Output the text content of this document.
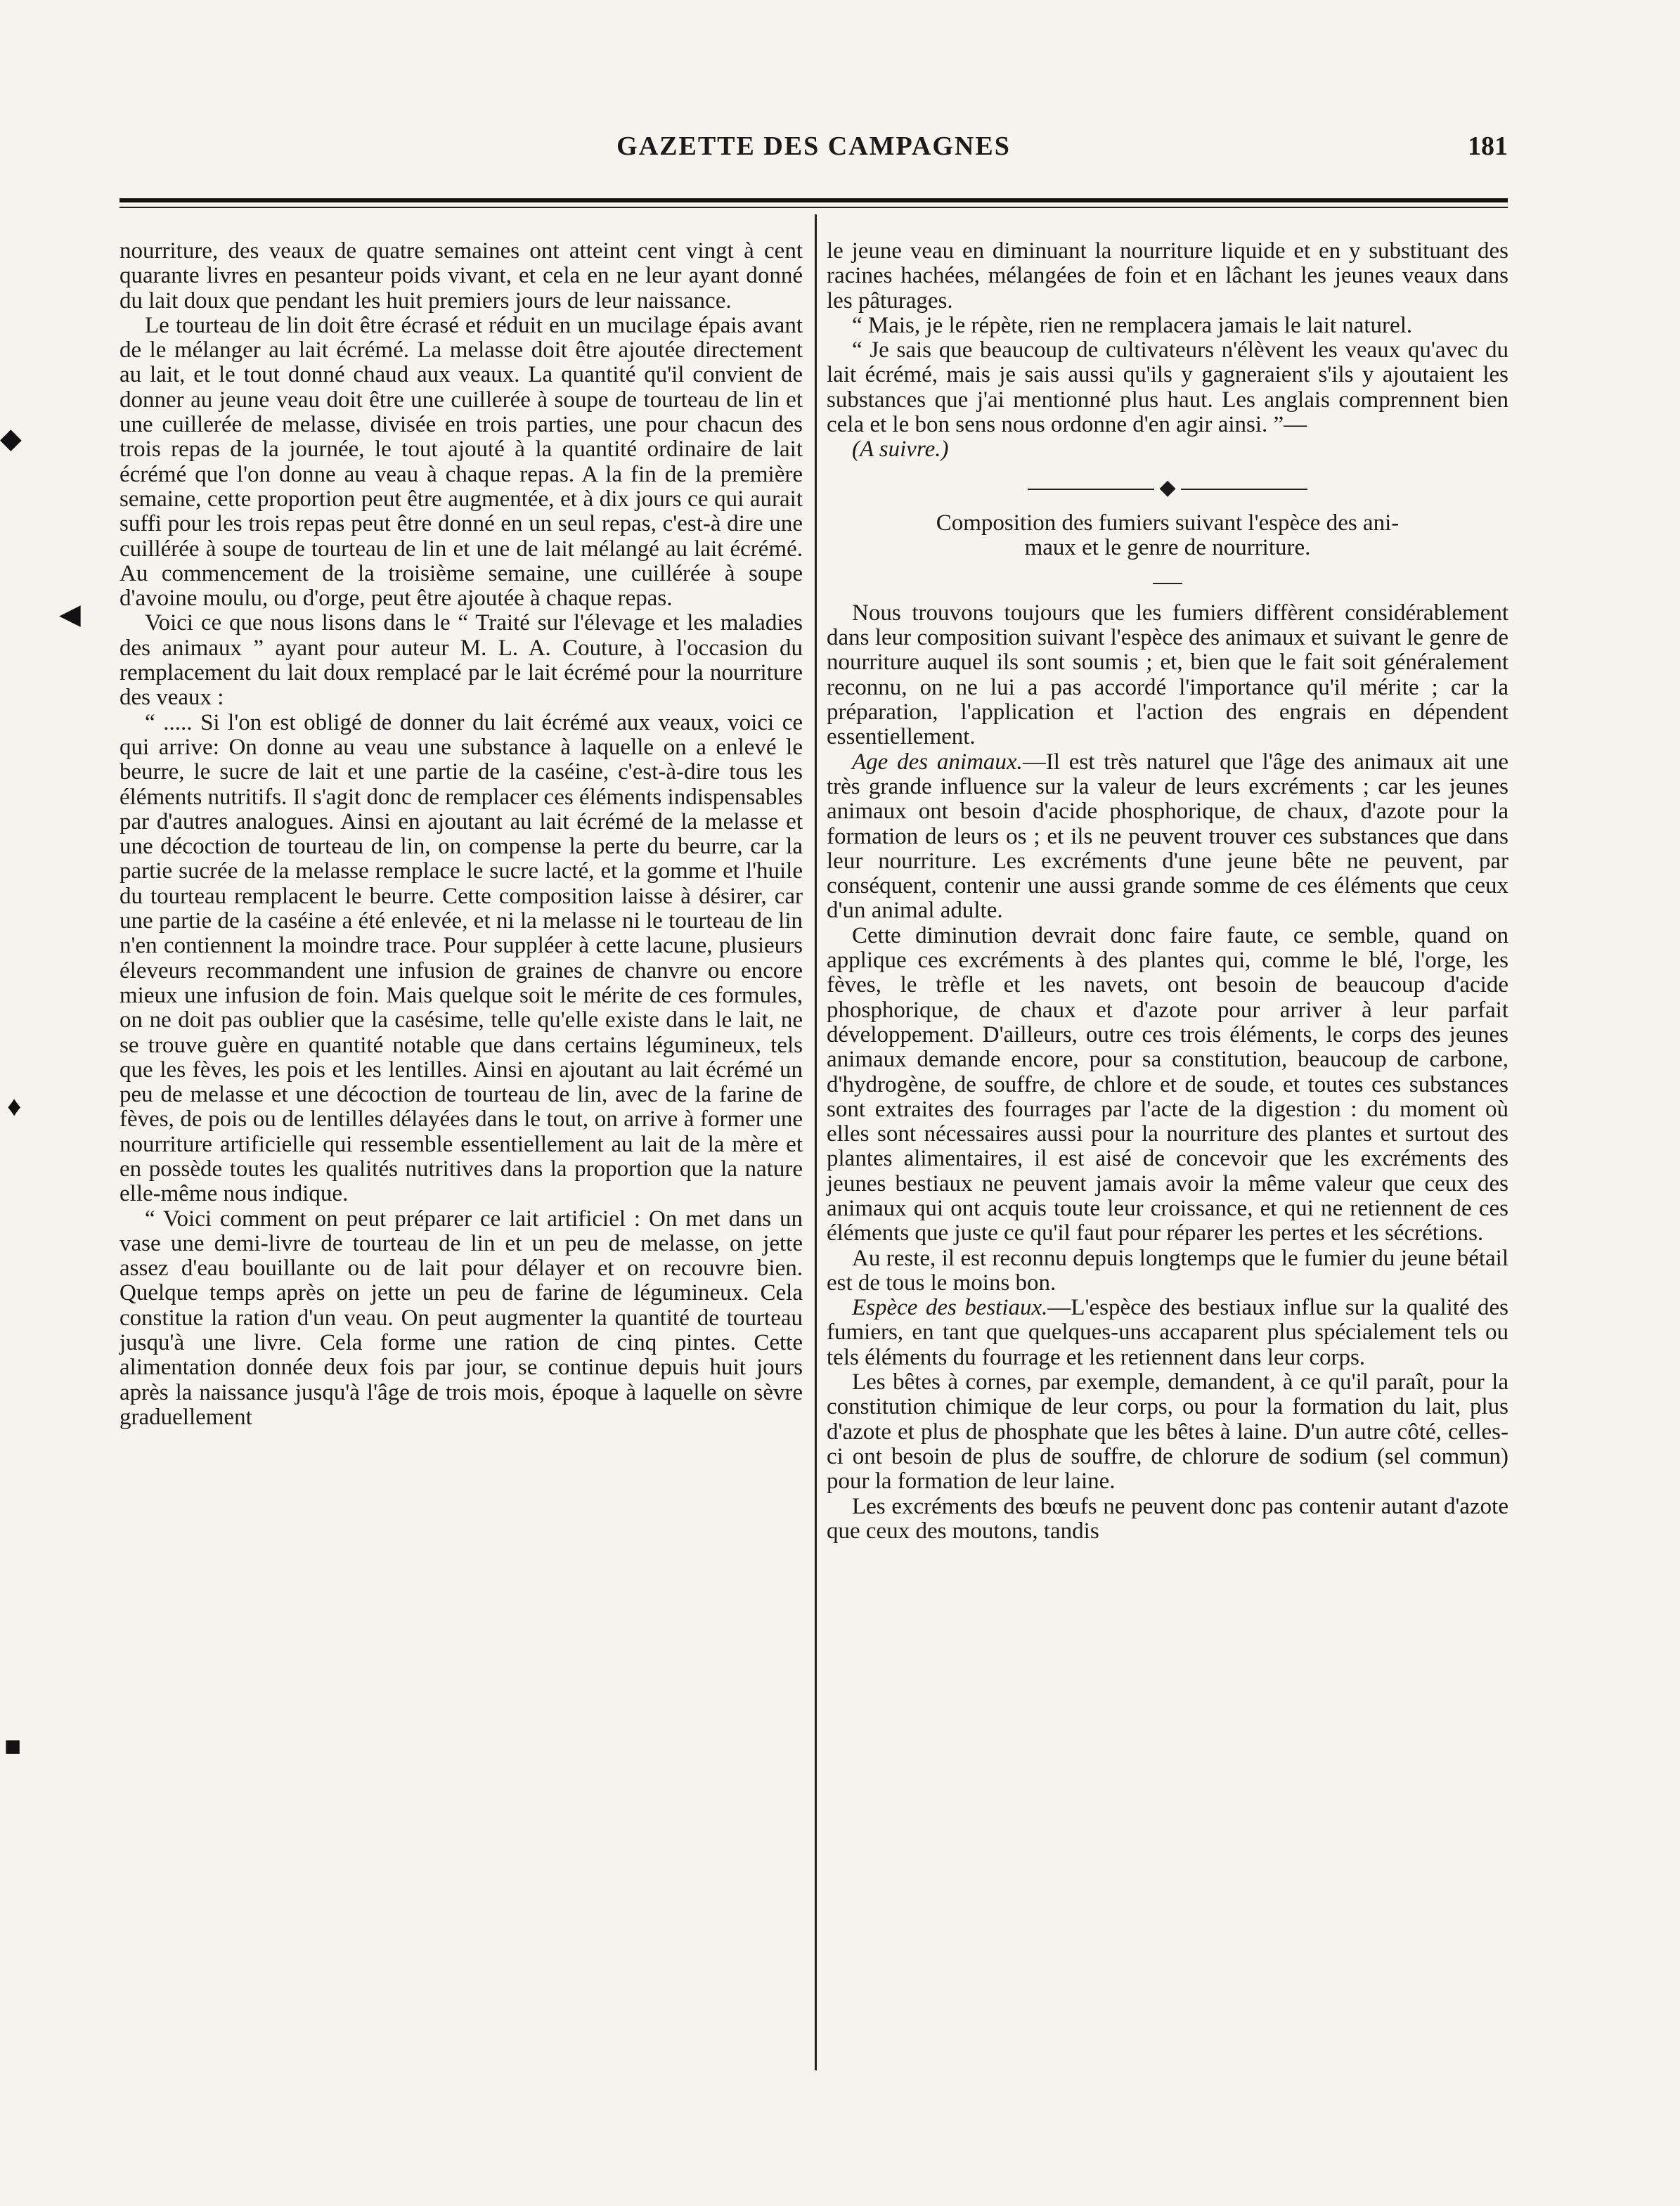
GAZETTE DES CAMPAGNES	181
◆
◀
♦
■

nourriture, des veaux de quatre semaines ont atteint cent vingt à cent quarante livres en pesanteur poids vivant, et cela en ne leur ayant donné du lait doux que pendant les huit premiers jours de leur naissance.

Le tourteau de lin doit être écrasé et réduit en un mucilage épais avant de le mélanger au lait écrémé. La melasse doit être ajoutée directement au lait, et le tout donné chaud aux veaux. La quantité qu'il convient de donner au jeune veau doit être une cuillerée à soupe de tourteau de lin et une cuillerée de melasse, divisée en trois parties, une pour chacun des trois repas de la journée, le tout ajouté à la quantité ordinaire de lait écrémé que l'on donne au veau à chaque repas. A la fin de la première semaine, cette proportion peut être augmentée, et à dix jours ce qui aurait suffi pour les trois repas peut être donné en un seul repas, c'est-à dire une cuillérée à soupe de tourteau de lin et une de lait mélangé au lait écrémé. Au commencement de la troisième semaine, une cuillérée à soupe d'avoine moulu, ou d'orge, peut être ajoutée à chaque repas.

Voici ce que nous lisons dans le “ Traité sur l'élevage et les maladies des animaux ” ayant pour auteur M. L. A. Couture, à l'occasion du remplacement du lait doux remplacé par le lait écrémé pour la nourriture des veaux :

“ ..... Si l'on est obligé de donner du lait écrémé aux veaux, voici ce qui arrive: On donne au veau une substance à laquelle on a enlevé le beurre, le sucre de lait et une partie de la caséine, c'est-à-dire tous les éléments nutritifs. Il s'agit donc de remplacer ces éléments indispensables par d'autres analogues. Ainsi en ajoutant au lait écrémé de la melasse et une décoction de tourteau de lin, on compense la perte du beurre, car la partie sucrée de la melasse remplace le sucre lacté, et la gomme et l'huile du tourteau remplacent le beurre. Cette composition laisse à désirer, car une partie de la caséine a été enlevée, et ni la melasse ni le tourteau de lin n'en contiennent la moindre trace. Pour suppléer à cette lacune, plusieurs éleveurs recommandent une infusion de graines de chanvre ou encore mieux une infusion de foin. Mais quelque soit le mérite de ces formules, on ne doit pas oublier que la casésime, telle qu'elle existe dans le lait, ne se trouve guère en quantité notable que dans certains légumineux, tels que les fèves, les pois et les lentilles. Ainsi en ajoutant au lait écrémé un peu de melasse et une décoction de tourteau de lin, avec de la farine de fèves, de pois ou de lentilles délayées dans le tout, on arrive à former une nourriture artificielle qui ressemble essentiellement au lait de la mère et en possède toutes les qualités nutritives dans la proportion que la nature elle-même nous indique.

“ Voici comment on peut préparer ce lait artificiel : On met dans un vase une demi-livre de tourteau de lin et un peu de melasse, on jette assez d'eau bouillante ou de lait pour délayer et on recouvre bien. Quelque temps après on jette un peu de farine de légumineux. Cela constitue la ration d'un veau. On peut augmenter la quantité de tourteau jusqu'à une livre. Cela forme une ration de cinq pintes. Cette alimentation donnée deux fois par jour, se continue depuis huit jours après la naissance jusqu'à l'âge de trois mois, époque à laquelle on sèvre graduellement

le jeune veau en diminuant la nourriture liquide et en y substituant des racines hachées, mélangées de foin et en lâchant les jeunes veaux dans les pâturages.

“ Mais, je le répète, rien ne remplacera jamais le lait naturel.

“ Je sais que beaucoup de cultivateurs n'élèvent les veaux qu'avec du lait écrémé, mais je sais aussi qu'ils y gagneraient s'ils y ajoutaient les substances que j'ai mentionné plus haut. Les anglais comprennent bien cela et le bon sens nous ordonne d'en agir ainsi. ”—

(A suivre.)

◆
Composition des fumiers suivant l'espèce des ani-
maux et le genre de nourriture.

Nous trouvons toujours que les fumiers diffèrent considérablement dans leur composition suivant l'espèce des animaux et suivant le genre de nourriture auquel ils sont soumis ; et, bien que le fait soit généralement reconnu, on ne lui a pas accordé l'importance qu'il mérite ; car la préparation, l'application et l'action des engrais en dépendent essentiellement.

Age des animaux.—Il est très naturel que l'âge des animaux ait une très grande influence sur la valeur de leurs excréments ; car les jeunes animaux ont besoin d'acide phosphorique, de chaux, d'azote pour la formation de leurs os ; et ils ne peuvent trouver ces substances que dans leur nourriture. Les excréments d'une jeune bête ne peuvent, par conséquent, contenir une aussi grande somme de ces éléments que ceux d'un animal adulte.

Cette diminution devrait donc faire faute, ce semble, quand on applique ces excréments à des plantes qui, comme le blé, l'orge, les fèves, le trèfle et les navets, ont besoin de beaucoup d'acide phosphorique, de chaux et d'azote pour arriver à leur parfait développement. D'ailleurs, outre ces trois éléments, le corps des jeunes animaux demande encore, pour sa constitution, beaucoup de carbone, d'hydrogène, de souffre, de chlore et de soude, et toutes ces substances sont extraites des fourrages par l'acte de la digestion : du moment où elles sont nécessaires aussi pour la nourriture des plantes et surtout des plantes alimentaires, il est aisé de concevoir que les excréments des jeunes bestiaux ne peuvent jamais avoir la même valeur que ceux des animaux qui ont acquis toute leur croissance, et qui ne retiennent de ces éléments que juste ce qu'il faut pour réparer les pertes et les sécrétions.

Au reste, il est reconnu depuis longtemps que le fumier du jeune bétail est de tous le moins bon.

Espèce des bestiaux.—L'espèce des bestiaux influe sur la qualité des fumiers, en tant que quelques-uns accaparent plus spécialement tels ou tels éléments du fourrage et les retiennent dans leur corps.

Les bêtes à cornes, par exemple, demandent, à ce qu'il paraît, pour la constitution chimique de leur corps, ou pour la formation du lait, plus d'azote et plus de phosphate que les bêtes à laine. D'un autre côté, celles-ci ont besoin de plus de souffre, de chlorure de sodium (sel commun) pour la formation de leur laine.

Les excréments des bœufs ne peuvent donc pas contenir autant d'azote que ceux des moutons, tandis
